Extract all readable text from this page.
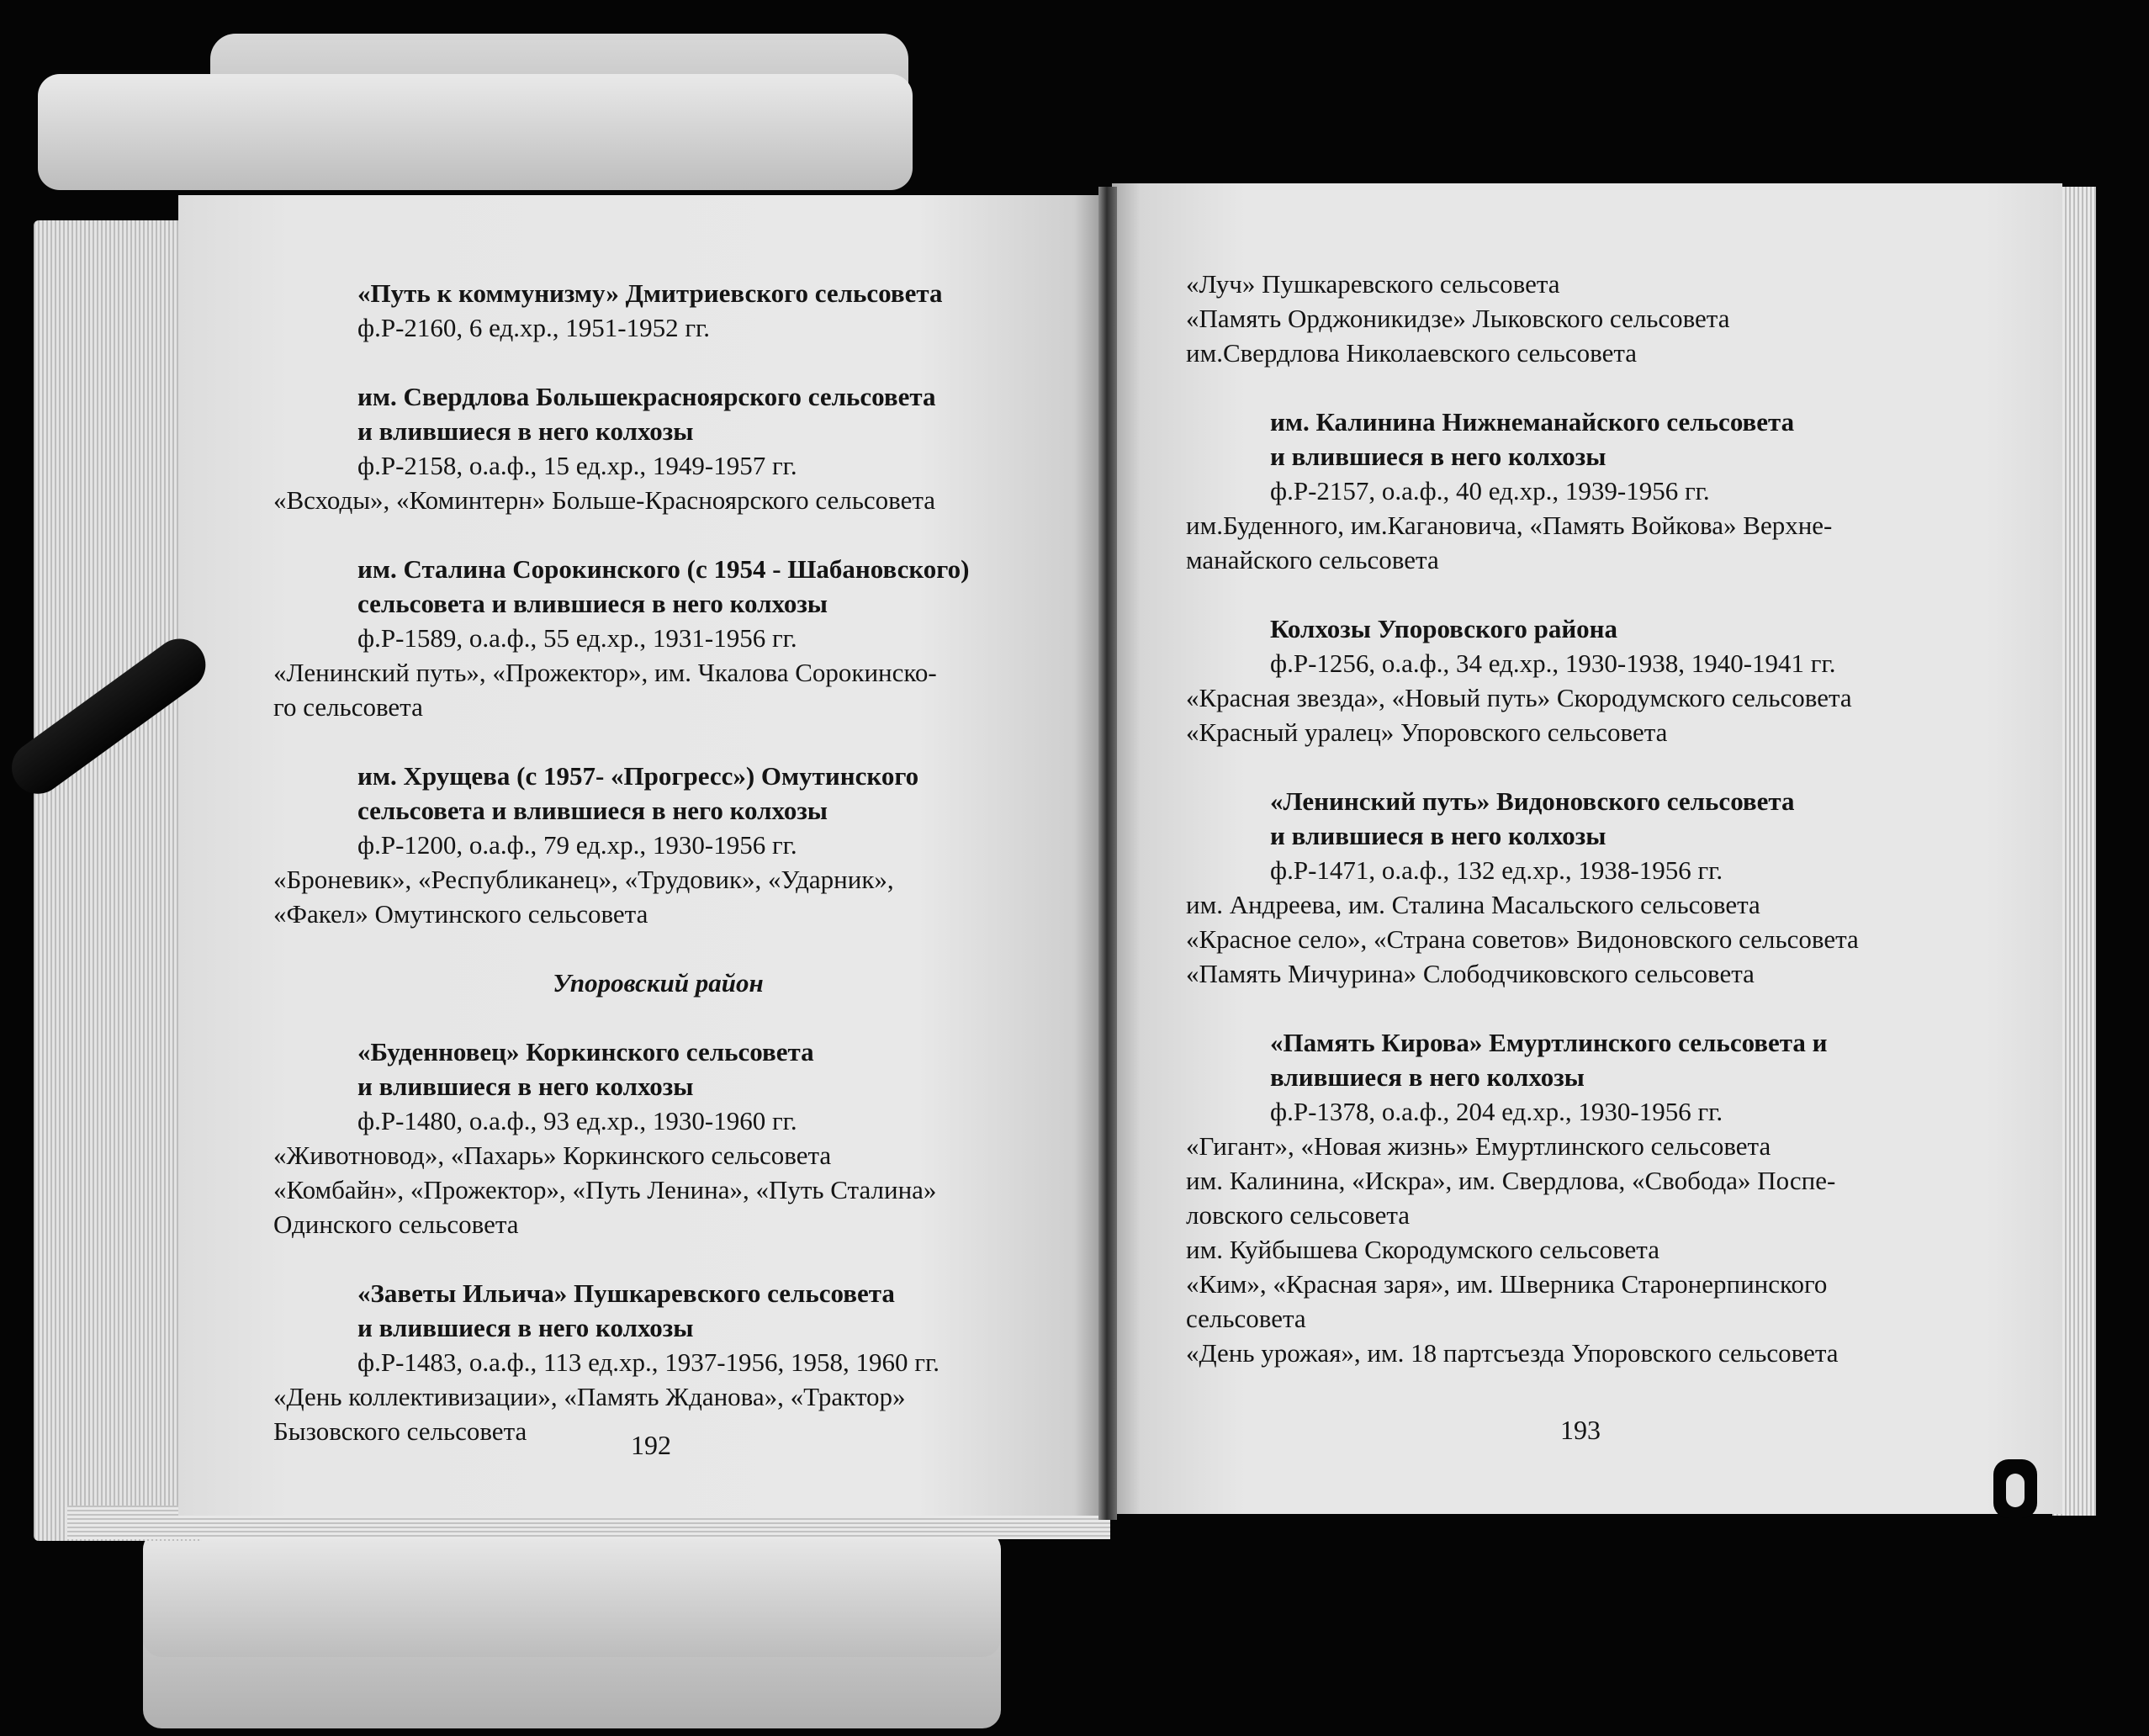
«Путь к коммунизму» Дмитриевского сельсовета
ф.Р-2160, 6 ед.хр., 1951-1952 гг.
им. Свердлова Большекрасноярского сельсовета
и влившиеся в него колхозы
ф.Р-2158, о.а.ф., 15 ед.хр., 1949-1957 гг.
«Всходы», «Коминтерн» Больше-Красноярского сельсовета
им. Сталина Сорокинского (с 1954 - Шабановского)
сельсовета и влившиеся в него колхозы
ф.Р-1589, о.а.ф., 55 ед.хр., 1931-1956 гг.
«Ленинский путь», «Прожектор», им. Чкалова Сорокинско-
го сельсовета
им. Хрущева (с 1957- «Прогресс») Омутинского
сельсовета и влившиеся в него колхозы
ф.Р-1200, о.а.ф., 79 ед.хр., 1930-1956 гг.
«Броневик», «Республиканец», «Трудовик», «Ударник»,
«Факел» Омутинского сельсовета
Упоровский район
«Буденновец» Коркинского сельсовета
и влившиеся в него колхозы
ф.Р-1480, о.а.ф., 93 ед.хр., 1930-1960 гг.
«Животновод», «Пахарь» Коркинского сельсовета
«Комбайн», «Прожектор», «Путь Ленина», «Путь Сталина»
Одинского сельсовета
«Заветы Ильича» Пушкаревского сельсовета
и влившиеся в него колхозы
ф.Р-1483, о.а.ф., 113 ед.хр., 1937-1956, 1958, 1960 гг.
«День коллективизации», «Память Жданова», «Трактор»
Бызовского сельсовета	192
«Луч» Пушкаревского сельсовета
«Память Орджоникидзе» Лыковского сельсовета
им.Свердлова Николаевского сельсовета
им. Калинина Нижнеманайского сельсовета
и влившиеся в него колхозы
ф.Р-2157, о.а.ф., 40 ед.хр., 1939-1956 гг.
им.Буденного, им.Кагановича, «Память Войкова» Верхне-
манайского сельсовета
Колхозы Упоровского района
ф.Р-1256, о.а.ф., 34 ед.хр., 1930-1938, 1940-1941 гг.
«Красная звезда», «Новый путь» Скородумского сельсовета
«Красный уралец» Упоровского сельсовета
«Ленинский путь» Видоновского сельсовета
и влившиеся в него колхозы
ф.Р-1471, о.а.ф., 132 ед.хр., 1938-1956 гг.
им. Андреева, им. Сталина Масальского сельсовета
«Красное село», «Страна советов» Видоновского сельсовета
«Память Мичурина» Слободчиковского сельсовета
«Память Кирова» Емуртлинского сельсовета и
влившиеся в него колхозы
ф.Р-1378, о.а.ф., 204 ед.хр., 1930-1956 гг.
«Гигант», «Новая жизнь» Емуртлинского сельсовета
им. Калинина, «Искра», им. Свердлова, «Свобода» Поспе-
ловского сельсовета
им. Куйбышева Скородумского сельсовета
«Ким», «Красная заря», им. Шверника Старонерпинского
сельсовета
«День урожая», им. 18 партсъезда Упоровского сельсовета
193
